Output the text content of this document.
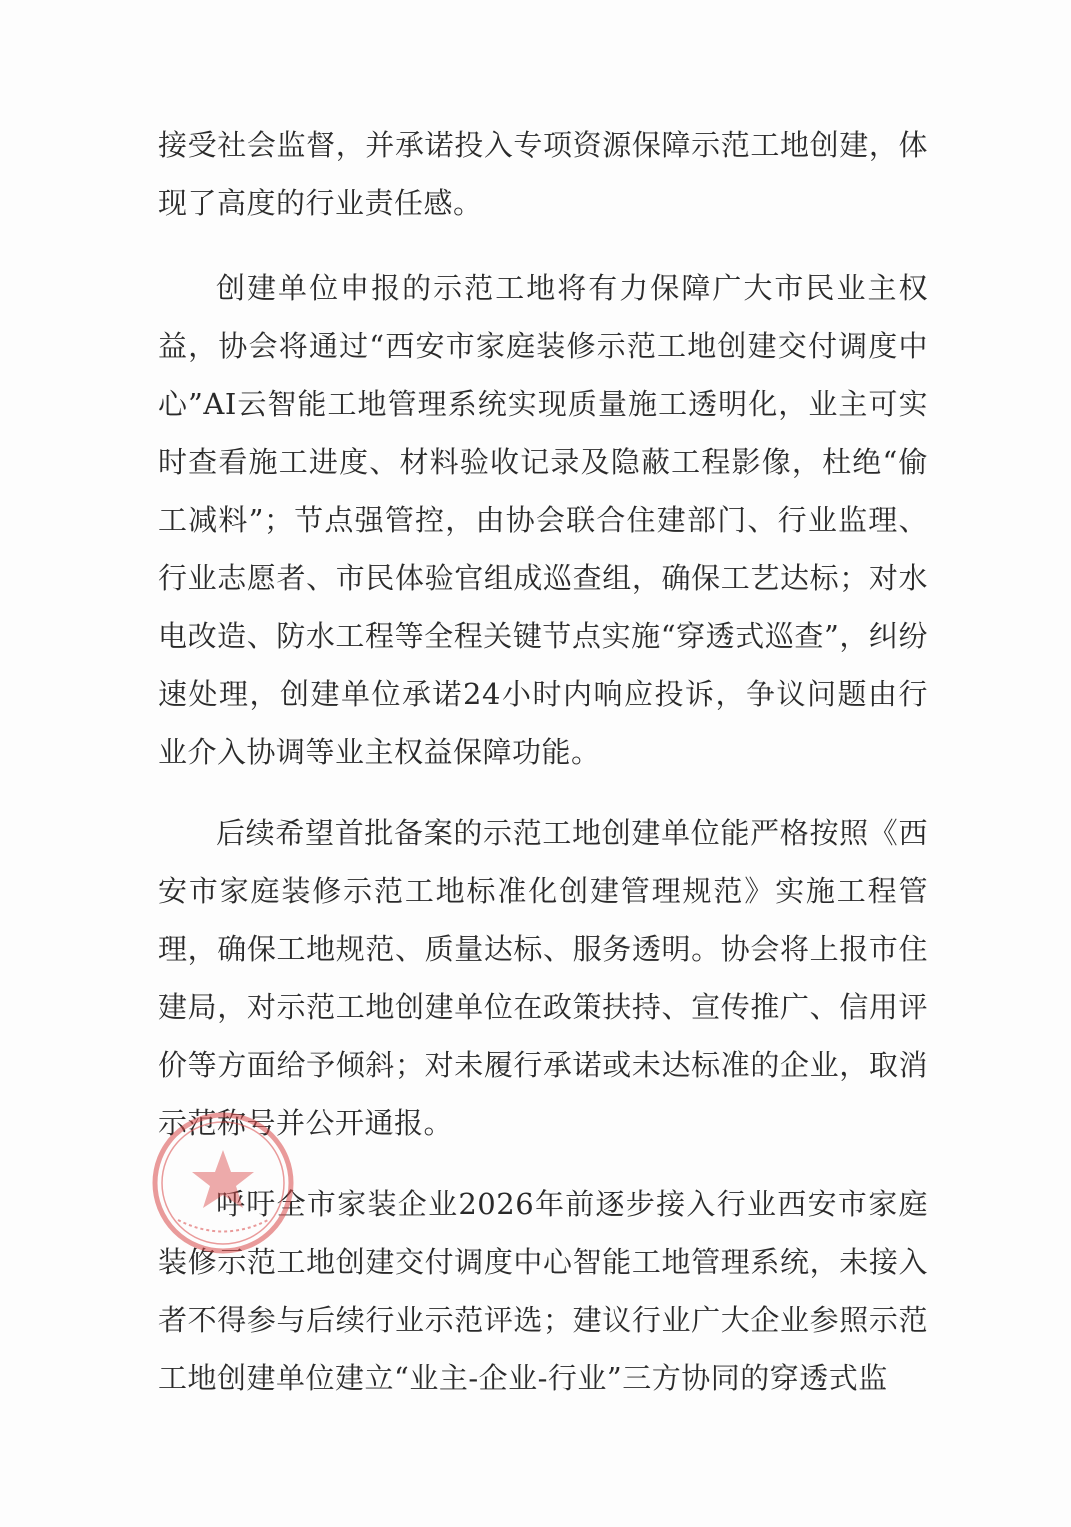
接受社会监督，并承诺投入专项资源保障示范工地创建，体现了高度的行业责任感。

创建单位申报的示范工地将有力保障广大市民业主权益，协会将通过“西安市家庭装修示范工地创建交付调度中心”AI云智能工地管理系统实现质量施工透明化，业主可实时查看施工进度、材料验收记录及隐蔽工程影像，杜绝“偷工减料”；节点强管控，由协会联合住建部门、行业监理、行业志愿者、市民体验官组成巡查组，确保工艺达标；对水电改造、防水工程等全程关键节点实施“穿透式巡查”，纠纷速处理，创建单位承诺24小时内响应投诉，争议问题由行业介入协调等业主权益保障功能。

后续希望首批备案的示范工地创建单位能严格按照《西安市家庭装修示范工地标准化创建管理规范》实施工程管理，确保工地规范、质量达标、服务透明。协会将上报市住建局，对示范工地创建单位在政策扶持、宣传推广、信用评价等方面给予倾斜；对未履行承诺或未达标准的企业，取消示范称号并公开通报。

呼吁全市家装企业2026年前逐步接入行业西安市家庭装修示范工地创建交付调度中心智能工地管理系统，未接入者不得参与后续行业示范评选；建议行业广大企业参照示范工地创建单位建立“业主-企业-行业”三方协同的穿透式监
